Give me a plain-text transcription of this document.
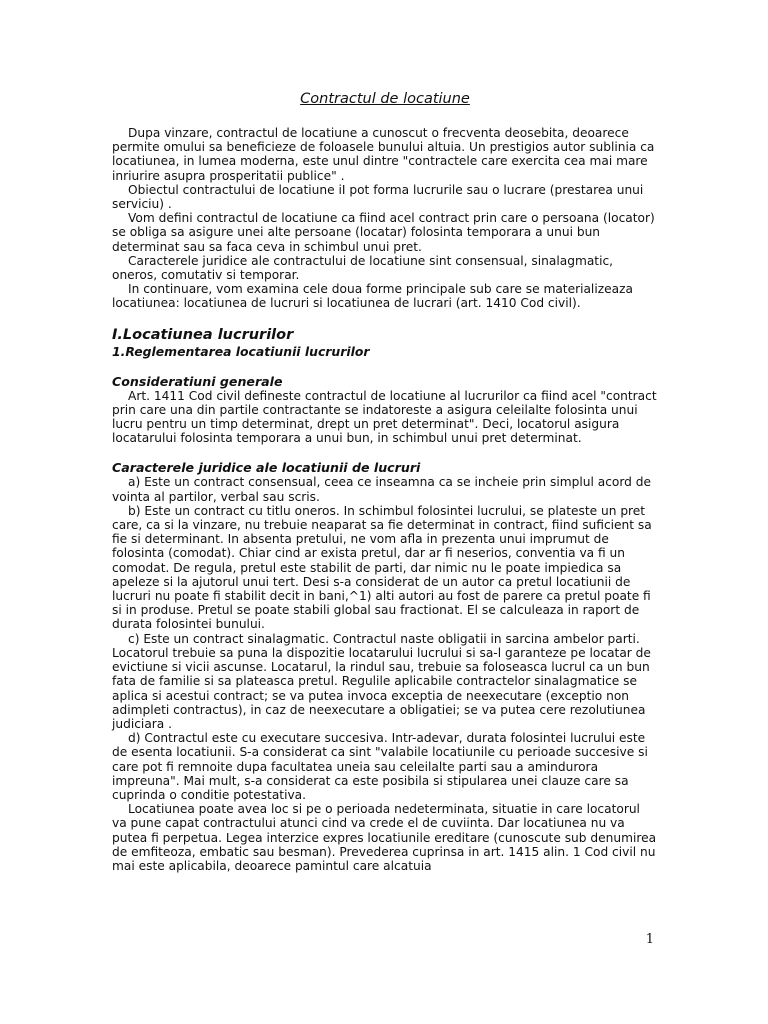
Contractul de locatiune

Dupa vinzare, contractul de locatiune a cunoscut o frecventa deosebita, deoarece permite omului sa beneficieze de foloasele bunului altuia. Un prestigios autor sublinia ca locatiunea, in lumea moderna, este unul dintre "contractele care exercita cea mai mare inriurire asupra prosperitatii publice" .

Obiectul contractului de locatiune iI pot forma lucrurile sau o lucrare (prestarea unui serviciu) .

Vom defini contractul de locatiune ca fiind acel contract prin care o persoana (locator) se obliga sa asigure unei alte persoane (locatar) folosinta temporara a unui bun determinat sau sa faca ceva in schimbul unui pret.

Caracterele juridice ale contractului de locatiune sint consensual, sinalagmatic, oneros, comutativ si temporar.

In continuare, vom examina cele doua forme principale sub care se materializeaza locatiunea: locatiunea de lucruri si locatiunea de lucrari (art. 1410 Cod civil).

I.Locatiunea lucrurilor
1.Reglementarea locatiunii lucrurilor
Consideratiuni generale

Art. 1411 Cod civil defineste contractul de locatiune al lucrurilor ca fiind acel "contract prin care una din partile contractante se indatoreste a asigura celeilalte folosinta unui lucru pentru un timp determinat, drept un pret determinat". Deci, locatorul asigura locatarului folosinta temporara a unui bun, in schimbul unui pret determinat.

Caracterele juridice ale locatiunii de lucruri

a) Este un contract consensual, ceea ce inseamna ca se incheie prin simplul acord de vointa al partilor, verbal sau scris.

b) Este un contract cu titlu oneros. In schimbul folosintei lucrului, se plateste un pret care, ca si la vinzare, nu trebuie neaparat sa fie determinat in contract, fiind suficient sa fie si determinant. In absenta pretului, ne vom afla in prezenta unui imprumut de folosinta (comodat). Chiar cind ar exista pretul, dar ar fi neserios, conventia va fi un comodat. De regula, pretul este stabilit de parti, dar nimic nu le poate impiedica sa apeleze si la ajutorul unui tert. Desi s-a considerat de un autor ca pretul locatiunii de lucruri nu poate fi stabilit decit in bani,^1) alti autori au fost de parere ca pretul poate fi si in produse. Pretul se poate stabili global sau fractionat. El se calculeaza in raport de durata folosintei bunului.

c) Este un contract sinalagmatic. Contractul naste obligatii in sarcina ambelor parti. Locatorul trebuie sa puna la dispozitie locatarului lucrului si sa-l garanteze pe locatar de evictiune si vicii ascunse. Locatarul, la rindul sau, trebuie sa foloseasca lucrul ca un bun fata de familie si sa plateasca pretul. Regulile aplicabile contractelor sinalagmatice se aplica si acestui contract; se va putea invoca exceptia de neexecutare (exceptio non adimpleti contractus), in caz de neexecutare a obligatiei; se va putea cere rezolutiunea judiciara .

d) Contractul este cu executare succesiva. Intr-adevar, durata folosintei lucrului este de esenta locatiunii. S-a considerat ca sint "valabile locatiunile cu perioade succesive si care pot fi remnoite dupa facultatea uneia sau celeilalte parti sau a amindurora impreuna". Mai mult, s-a considerat ca este posibila si stipularea unei clauze care sa cuprinda o conditie potestativa.

Locatiunea poate avea loc si pe o perioada nedeterminata, situatie in care locatorul va pune capat contractului atunci cind va crede el de cuviinta. Dar locatiunea nu va putea fi perpetua. Legea interzice expres locatiunile ereditare (cunoscute sub denumirea de emfiteoza, embatic sau besman). Prevederea cuprinsa in art. 1415 alin. 1 Cod civil nu mai este aplicabila, deoarece pamintul care alcatuia

1
